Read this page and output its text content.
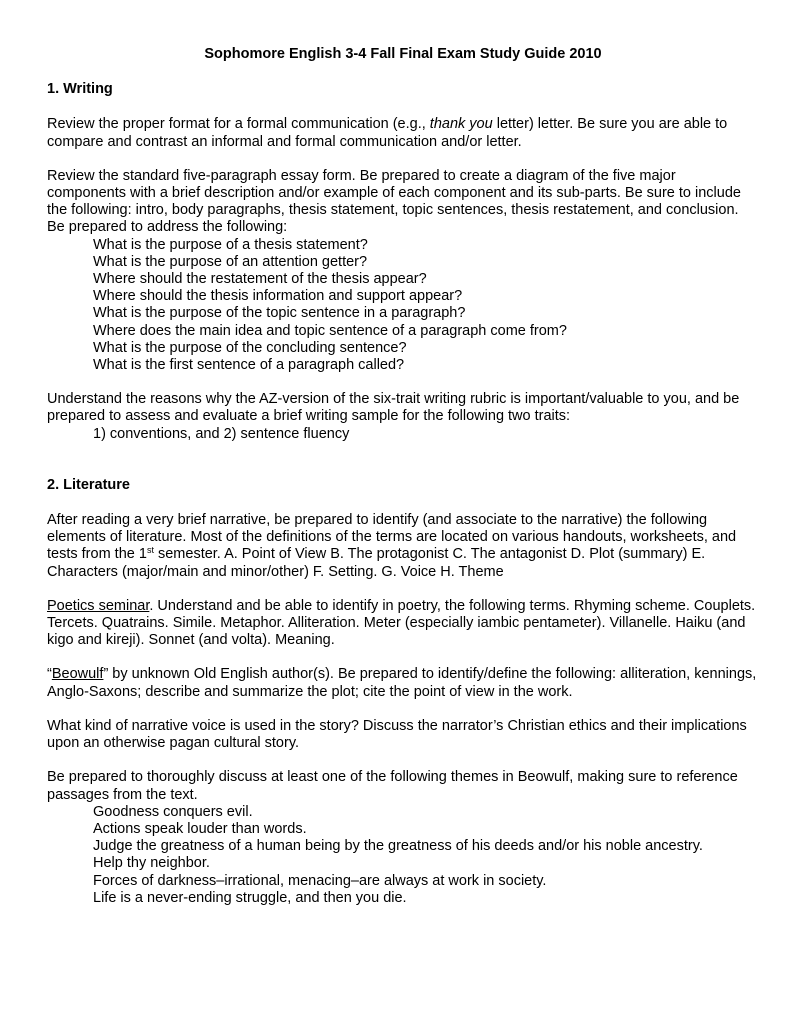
Sophomore English 3-4 Fall Final Exam Study Guide 2010
1. Writing

Review the proper format for a formal communication (e.g., thank you letter) letter. Be sure you are able to compare and contrast an informal and formal communication and/or letter.

Review the standard five-paragraph essay form. Be prepared to create a diagram of the five major components with a brief description and/or example of each component and its sub-parts. Be sure to include the following: intro, body paragraphs, thesis statement, topic sentences, thesis restatement, and conclusion. Be prepared to address the following:
What is the purpose of a thesis statement?
What is the purpose of an attention getter?
Where should the restatement of the thesis appear?
Where should the thesis information and support appear?
What is the purpose of the topic sentence in a paragraph?
Where does the main idea and topic sentence of a paragraph come from?
What is the purpose of the concluding sentence?
What is the first sentence of a paragraph called?
Understand the reasons why the AZ-version of the six-trait writing rubric is important/valuable to you, and be prepared to assess and evaluate a brief writing sample for the following two traits:
1) conventions, and 2) sentence fluency
2. Literature

After reading a very brief narrative, be prepared to identify (and associate to the narrative) the following elements of literature. Most of the definitions of the terms are located on various handouts, worksheets, and tests from the 1st semester. A. Point of View B. The protagonist C. The antagonist D. Plot (summary) E. Characters (major/main and minor/other) F. Setting. G. Voice H. Theme

Poetics seminar. Understand and be able to identify in poetry, the following terms. Rhyming scheme. Couplets. Tercets. Quatrains. Simile. Metaphor. Alliteration. Meter (especially iambic pentameter). Villanelle. Haiku (and kigo and kireji). Sonnet (and volta). Meaning.

“Beowulf” by unknown Old English author(s). Be prepared to identify/define the following: alliteration, kennings, Anglo-Saxons; describe and summarize the plot; cite the point of view in the work.

What kind of narrative voice is used in the story? Discuss the narrator’s Christian ethics and their implications upon an otherwise pagan cultural story.

Be prepared to thoroughly discuss at least one of the following themes in Beowulf, making sure to reference passages from the text.
Goodness conquers evil.
Actions speak louder than words.
Judge the greatness of a human being by the greatness of his deeds and/or his noble ancestry.
Help thy neighbor.
Forces of darkness–irrational, menacing–are always at work in society.
Life is a never-ending struggle, and then you die.
